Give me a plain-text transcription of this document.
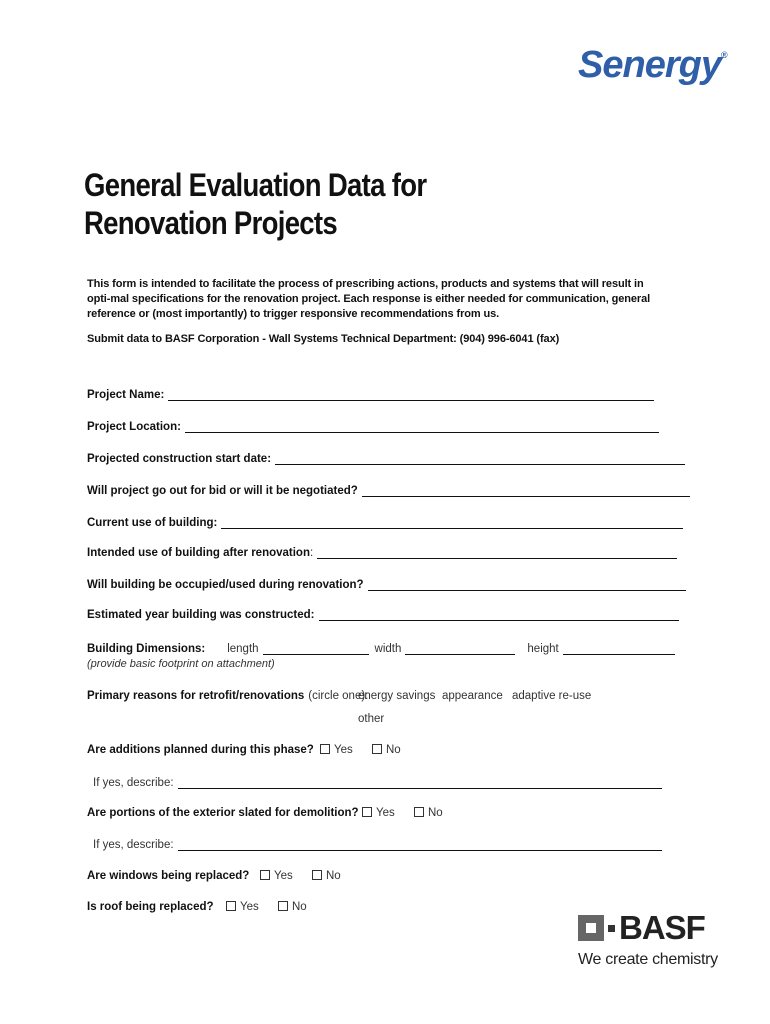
Senergy®
General Evaluation Data for
Renovation Projects
This form is intended to facilitate the process of prescribing actions, products and systems that will result in opti-mal specifications for the renovation project. Each response is either needed for communication, general reference or (most importantly) to trigger responsive recommendations from us.
Submit data to BASF Corporation - Wall Systems Technical Department: (904) 996-6041 (fax)
Project Name:
Project Location:
Projected construction start date:
Will project go out for bid or will it be negotiated?
Current use of building:
Intended use of building after renovation :
Will building be occupied/used during renovation?
Estimated year building was constructed:
Building Dimensions: length	width	height
(provide basic footprint on attachment)
Primary reasons for retrofit/renovations (circle one):
energy savings appearance adaptive re-use
other
Are additions planned during this phase?	Yes	No
If yes, describe:
Are portions of the exterior slated for demolition?	Yes	No
If yes, describe:
Are windows being replaced?	Yes	No
Is roof being replaced?	Yes	No
BASF
We create chemistry
